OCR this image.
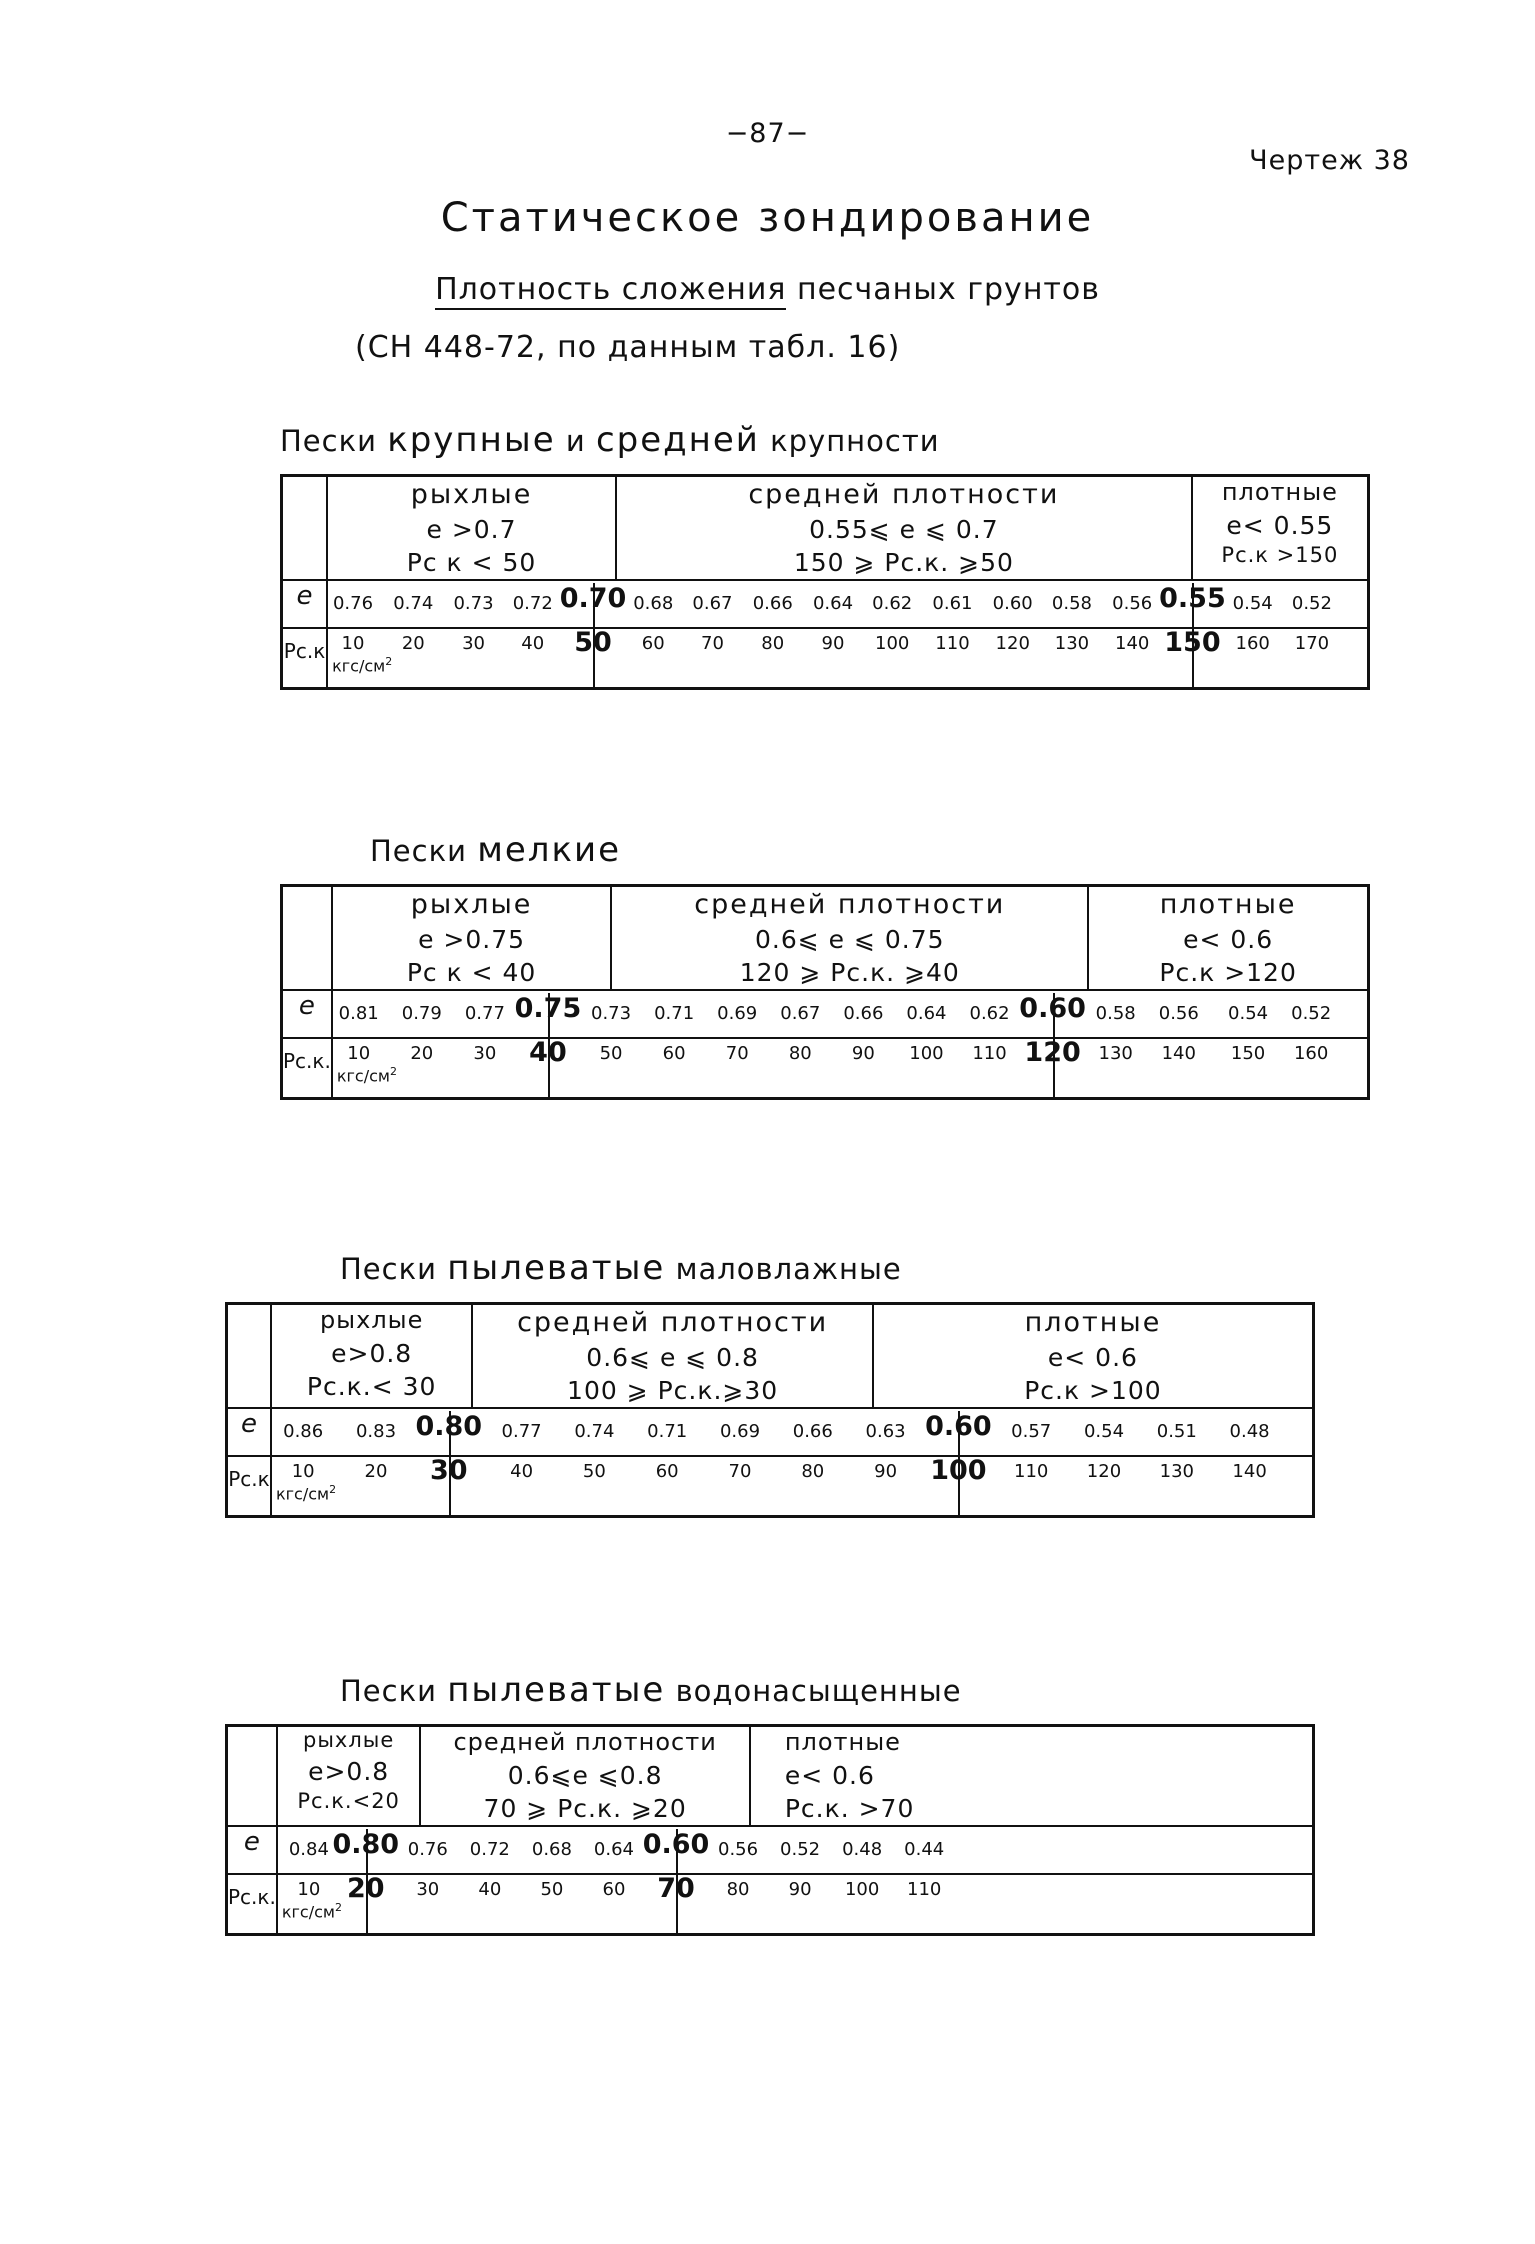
−87−
Чертеж 38
Статическое зондирование
Плотность сложения песчаных грунтов
(СН 448-72, по данным табл. 16)
Пески крупные и средней крупности

рыхлые
e >0.7
Pс к < 50

средней плотности
0.55⩽ e ⩽ 0.7
150 ⩾ Pс.к. ⩾50

плотные
e< 0.55
Pс.к >150

e	0.76 0.74 0.73 0.72 0.70 0.68 0.67 0.66 0.64 0.62 0.61 0.60 0.58 0.56 0.55 0.54 0.52

Pс.к	10 20 30 40 50 60 70 80 90 100 110 120 130 140 150 160 170
кгс/$см^2$
Пески мелкие

рыхлые
e >0.75
Pс к < 40

средней плотности
0.6⩽ e ⩽ 0.75
120 ⩾ Pс.к. ⩾40

плотные
e< 0.6
Pс.к >120

e	0.81 0.79 0.77 0.75 0.73 0.71 0.69 0.67 0.66 0.64 0.62 0.60 0.58 0.56 0.54 0.52

Pс.к.	10 20 30 40 50 60 70 80 90 100 110 120 130 140 150 160
кгс/$см^2$
Пески пылеватые маловлажные

рыхлые
e>0.8
Pс.к.< 30

средней плотности
0.6⩽ e ⩽ 0.8
100 ⩾ Pс.к.⩾30

плотные
e< 0.6
Pс.к >100

e	0.86 0.83 0.80 0.77 0.74 0.71 0.69 0.66 0.63 0.60 0.57 0.54 0.51 0.48

Pс.к	10	20 30 40	50	60	70	80	90 100 110 120 130 140
кгс/$см^2$
Пески пылеватые водонасыщенные

рыхлые
e>0.8
Pс.к.<20

средней плотности
0.6⩽e ⩽0.8
70 ⩾ Pс.к. ⩾20

плотные
e< 0.6
Pс.к. >70

e	0.84 0.80 0.76 0.72 0.68 0.64 0.60 0.56 0.52 0.48 0.44

Pс.к.	10 20 30 40 50 60 70 80 90 100 110
кгс/$см^2$
